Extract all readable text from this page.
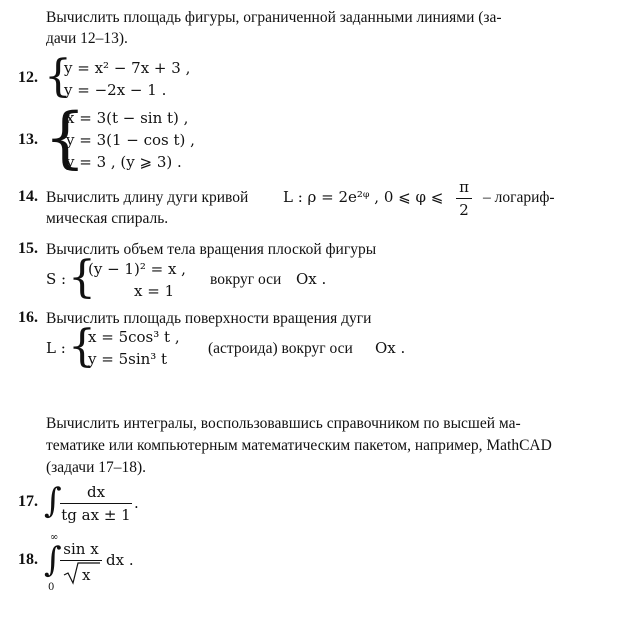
Вычислить площадь фигуры, ограниченной заданными линиями (за-
дачи 12–13).
12. {
y = x² − 7x + 3 ,
y = −2x − 1 .
13. {
x = 3(t − sin t) ,
y = 3(1 − cos t) ,
y = 3 , (y ⩾ 3) .
14. Вычислить длину дуги кривой L : ρ = 2e²ᵠ , 0 ⩽ φ ⩽
π
2
– логариф-
мическая спираль.
15. Вычислить объем тела вращения плоской фигуры
S : {
(y − 1)² = x ,
x = 1
вокруг оси Ox .
16. Вычислить площадь поверхности вращения дуги
L : {
x = 5cos³ t ,
y = 5sin³ t
(астроида) вокруг оси Ox .
Вычислить интегралы, воспользовавшись справочником по высшей ма-
тематике или компьютерным математическим пакетом, например, MathCAD
(задачи 17–18).
17. ∫	dx
tg ax ± 1
.
18.
∞
∫
0
sin x
x
dx .
